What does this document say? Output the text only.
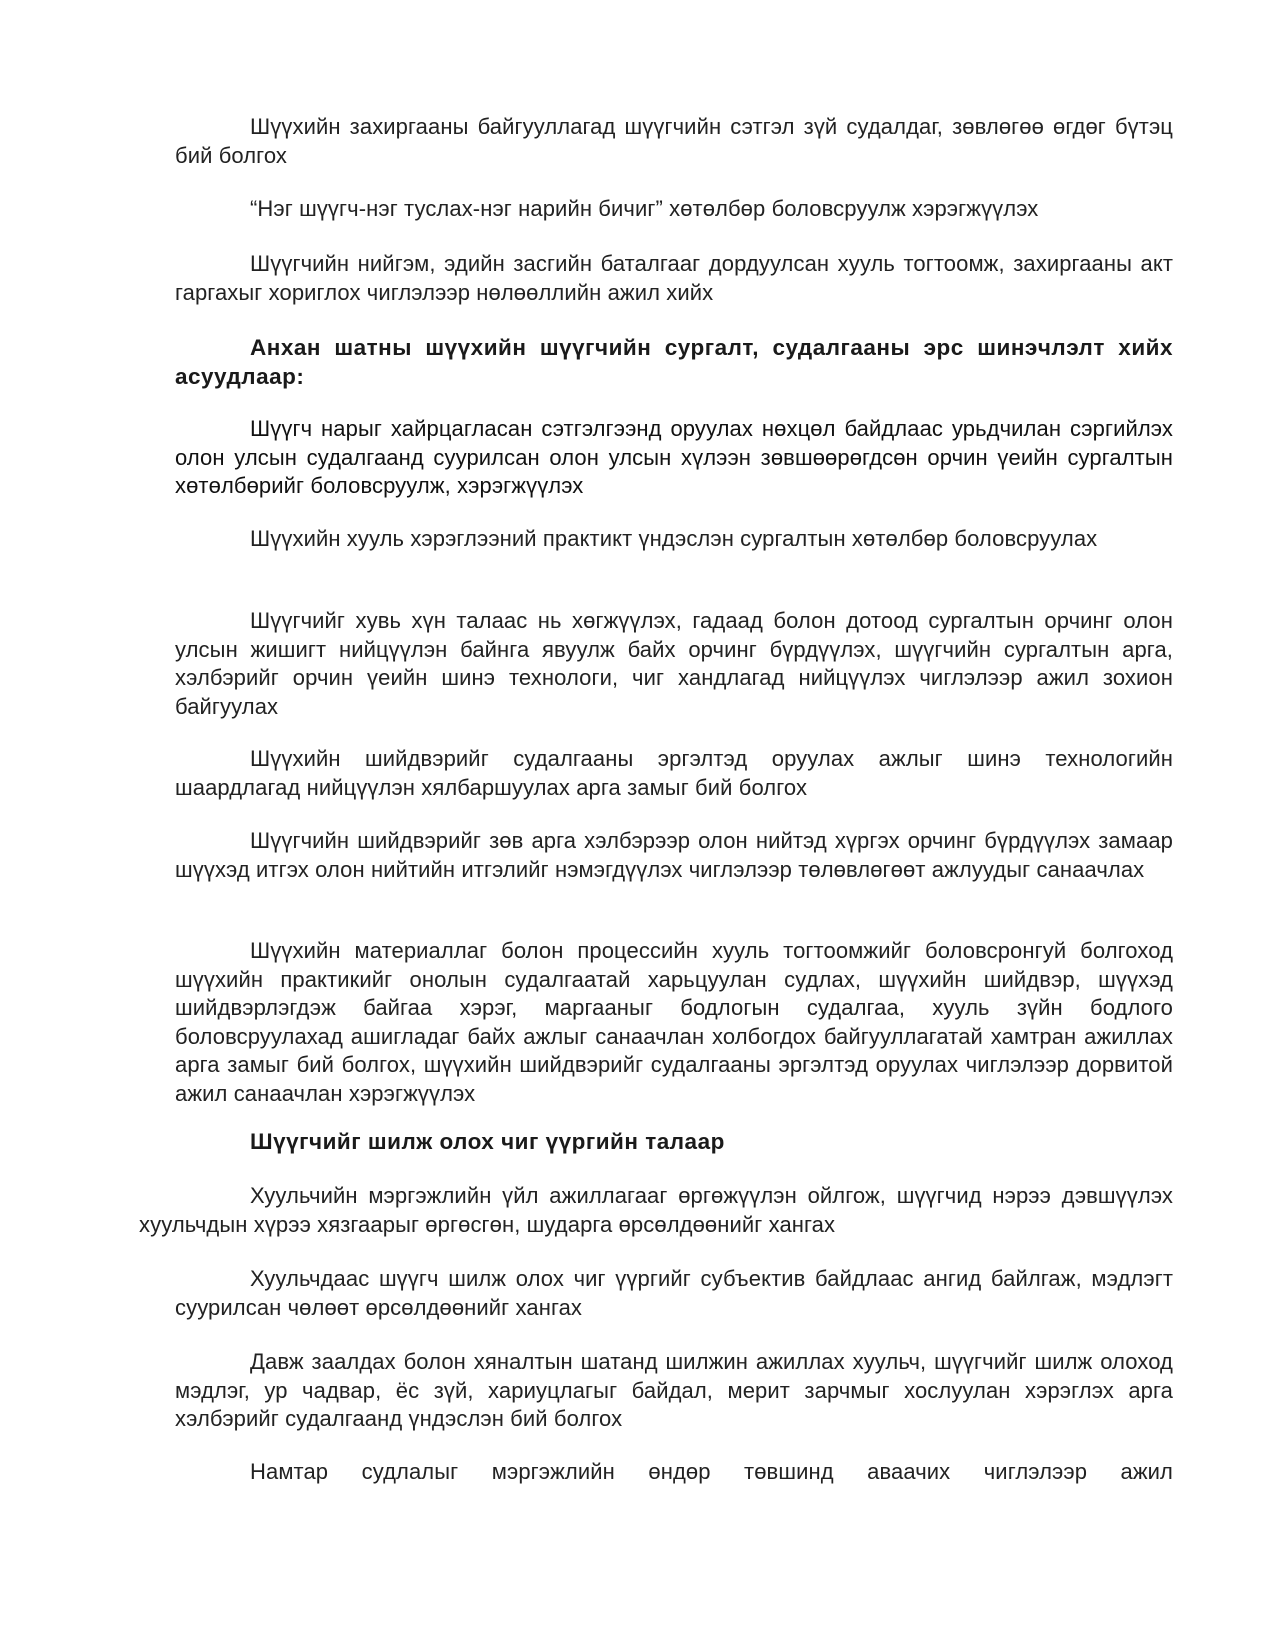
Шүүхийн захиргааны байгууллагад шүүгчийн сэтгэл зүй судалдаг, зөвлөгөө өгдөг бүтэц бий болгох

“Нэг шүүгч-нэг туслах-нэг нарийн бичиг” хөтөлбөр боловсруулж хэрэгжүүлэх

Шүүгчийн нийгэм, эдийн засгийн баталгааг дордуулсан хууль тогтоомж, захиргааны акт гаргахыг хориглох чиглэлээр нөлөөллийн ажил хийх

Анхан шатны шүүхийн шүүгчийн сургалт, судалгааны эрс шинэчлэлт хийх асуудлаар:

Шүүгч нарыг хайрцагласан сэтгэлгээнд оруулах нөхцөл байдлаас урьдчилан сэргийлэх олон улсын судалгаанд суурилсан олон улсын хүлээн зөвшөөрөгдсөн орчин үеийн сургалтын хөтөлбөрийг боловсруулж, хэрэгжүүлэх

Шүүхийн хууль хэрэглээний практикт үндэслэн сургалтын хөтөлбөр боловсруулах

Шүүгчийг хувь хүн талаас нь хөгжүүлэх, гадаад болон дотоод сургалтын орчинг олон улсын жишигт нийцүүлэн байнга явуулж байх орчинг бүрдүүлэх, шүүгчийн сургалтын арга, хэлбэрийг орчин үеийн шинэ технологи, чиг хандлагад нийцүүлэх чиглэлээр ажил зохион байгуулах

Шүүхийн шийдвэрийг судалгааны эргэлтэд оруулах ажлыг шинэ технологийн шаардлагад нийцүүлэн хялбаршуулах арга замыг бий болгох

Шүүгчийн шийдвэрийг зөв арга хэлбэрээр олон нийтэд хүргэх орчинг бүрдүүлэх замаар шүүхэд итгэх олон нийтийн итгэлийг нэмэгдүүлэх чиглэлээр төлөвлөгөөт ажлуудыг санаачлах

Шүүхийн материаллаг болон процессийн хууль тогтоомжийг боловсронгуй болгоход шүүхийн практикийг онолын судалгаатай харьцуулан судлах, шүүхийн шийдвэр, шүүхэд шийдвэрлэгдэж байгаа хэрэг, маргааныг бодлогын судалгаа, хууль зүйн бодлого боловсруулахад ашигладаг байх ажлыг санаачлан холбогдох байгууллагатай хамтран ажиллах арга замыг бий болгох, шүүхийн шийдвэрийг судалгааны эргэлтэд оруулах чиглэлээр дорвитой ажил санаачлан хэрэгжүүлэх

Шүүгчийг шилж олох чиг үүргийн талаар

Хуульчийн мэргэжлийн үйл ажиллагааг өргөжүүлэн ойлгож, шүүгчид нэрээ дэвшүүлэх хуульчдын хүрээ хязгаарыг өргөсгөн, шударга өрсөлдөөнийг хангах

Хуульчдаас шүүгч шилж олох чиг үүргийг субъектив байдлаас ангид байлгаж, мэдлэгт суурилсан чөлөөт өрсөлдөөнийг хангах

Давж заалдах болон хяналтын шатанд шилжин ажиллах хуульч, шүүгчийг шилж олоход мэдлэг, ур чадвар, ёс зүй, хариуцлагыг байдал, мерит зарчмыг хослуулан хэрэглэх арга хэлбэрийг судалгаанд үндэслэн бий болгох

Намтар судлалыг мэргэжлийн өндөр төвшинд аваачих чиглэлээр ажил
